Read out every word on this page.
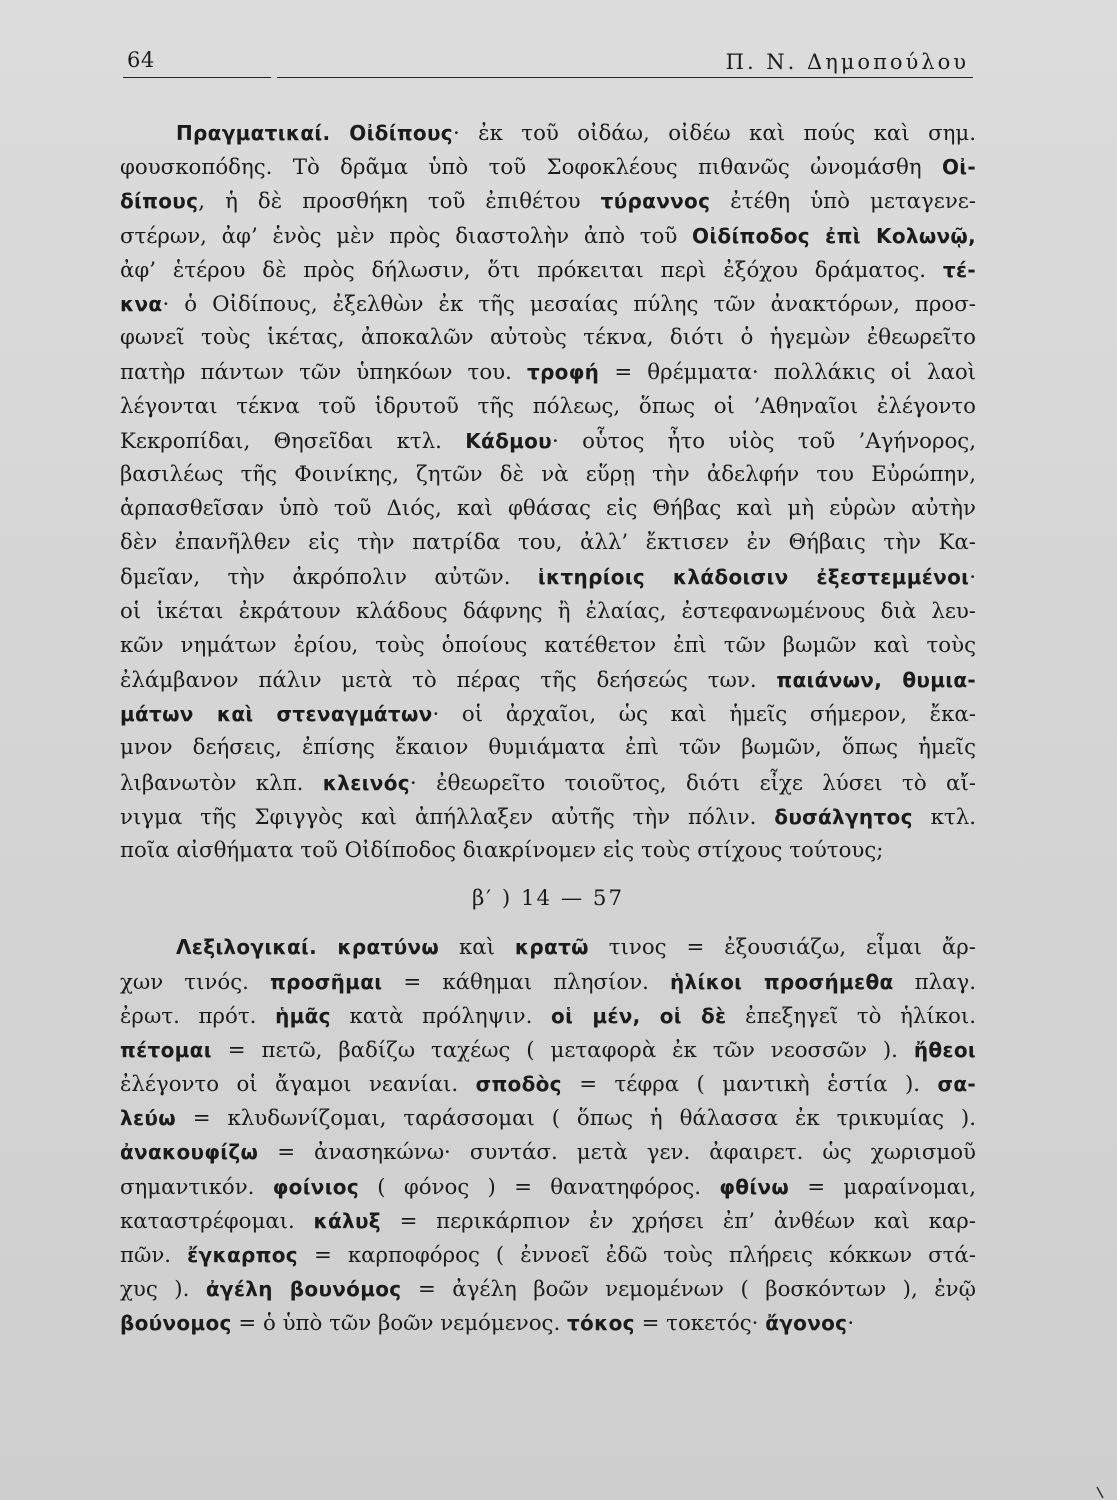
64	Π. Ν. Δημοπούλου
Πραγματικαί. Οἰδίπους· ἐκ τοῦ οἰδάω, οἰδέω καὶ πούς καὶ σημ.
φουσκοπόδης. Τὸ δρᾶμα ὑπὸ τοῦ Σοφοκλέους πιθανῶς ὠνομάσθη Οἰ-
δίπους, ἡ δὲ προσθήκη τοῦ ἐπιθέτου τύραννος ἐτέθη ὑπὸ μεταγενε-
στέρων, ἀφ’ ἑνὸς μὲν πρὸς διαστολὴν ἀπὸ τοῦ Οἰδίποδος ἐπὶ Κολωνῷ,
ἀφ’ ἑτέρου δὲ πρὸς δήλωσιν, ὅτι πρόκειται περὶ ἐξόχου δράματος. τέ-
κνα· ὁ Οἰδίπους, ἐξελθὼν ἐκ τῆς μεσαίας πύλης τῶν ἀνακτόρων, προσ-
φωνεῖ τοὺς ἱκέτας, ἀποκαλῶν αὐτοὺς τέκνα, διότι ὁ ἡγεμὼν ἐθεωρεῖτο
πατὴρ πάντων τῶν ὑπηκόων του. τροφή = θρέμματα· πολλάκις οἱ λαοὶ
λέγονται τέκνα τοῦ ἱδρυτοῦ τῆς πόλεως, ὅπως οἱ ’Αθηναῖοι ἐλέγοντο
Κεκροπίδαι, Θησεῖδαι κτλ. Κάδμου· οὗτος ἦτο υἱὸς τοῦ ’Αγήνορος,
βασιλέως τῆς Φοινίκης, ζητῶν δὲ νὰ εὕρῃ τὴν ἀδελφήν του Εὐρώπην,
ἁρπασθεῖσαν ὑπὸ τοῦ Διός, καὶ φθάσας εἰς Θήβας καὶ μὴ εὑρὼν αὐτὴν
δὲν ἐπανῆλθεν εἰς τὴν πατρίδα του, ἀλλ’ ἔκτισεν ἐν Θήβαις τὴν Κα-
δμεῖαν, τὴν ἀκρόπολιν αὐτῶν. ἱκτηρίοις κλάδοισιν ἐξεστεμμένοι·
οἱ ἱκέται ἐκράτουν κλάδους δάφνης ἢ ἐλαίας, ἐστεφανωμένους διὰ λευ-
κῶν νημάτων ἐρίου, τοὺς ὁποίους κατέθετον ἐπὶ τῶν βωμῶν καὶ τοὺς
ἐλάμβανον πάλιν μετὰ τὸ πέρας τῆς δεήσεώς των. παιάνων, θυμια-
μάτων καὶ στεναγμάτων· οἱ ἀρχαῖοι, ὡς καὶ ἡμεῖς σήμερον, ἔκα-
μνον δεήσεις, ἐπίσης ἔκαιον θυμιάματα ἐπὶ τῶν βωμῶν, ὅπως ἡμεῖς
λιβανωτὸν κλπ. κλεινός· ἐθεωρεῖτο τοιοῦτος, διότι εἶχε λύσει τὸ αἴ-
νιγμα τῆς Σφιγγὸς καὶ ἀπήλλαξεν αὐτῆς τὴν πόλιν. δυσάλγητος κτλ.
ποῖα αἰσθήματα τοῦ Οἰδίποδος διακρίνομεν εἰς τοὺς στίχους τούτους;
β′ ) 14 — 57
Λεξιλογικαί. κρατύνω καὶ κρατῶ τινος = ἐξουσιάζω, εἶμαι ἄρ-
χων τινός. προσῆμαι = κάθημαι πλησίον. ἡλίκοι προσήμεθα πλαγ.
ἐρωτ. πρότ. ἡμᾶς κατὰ πρόληψιν. οἱ μέν, οἱ δὲ ἐπεξηγεῖ τὸ ἡλίκοι.
πέτομαι = πετῶ, βαδίζω ταχέως ( μεταφορὰ ἐκ τῶν νεοσσῶν ). ἤθεοι
ἐλέγοντο οἱ ἄγαμοι νεανίαι. σποδὸς = τέφρα ( μαντικὴ ἑστία ). σα-
λεύω = κλυδωνίζομαι, ταράσσομαι ( ὅπως ἡ θάλασσα ἐκ τρικυμίας ).
ἀνακουφίζω = ἀνασηκώνω· συντάσ. μετὰ γεν. ἀφαιρετ. ὡς χωρισμοῦ
σημαντικόν. φοίνιος ( φόνος ) = θανατηφόρος. φθίνω = μαραίνομαι,
καταστρέφομαι. κάλυξ = περικάρπιον ἐν χρήσει ἐπ’ ἀνθέων καὶ καρ-
πῶν. ἔγκαρπος = καρποφόρος ( ἐννοεῖ ἐδῶ τοὺς πλήρεις κόκκων στά-
χυς ). ἀγέλη βουνόμος = ἀγέλη βοῶν νεμομένων ( βοσκόντων ), ἐνῷ
βούνομος = ὁ ὑπὸ τῶν βοῶν νεμόμενος. τόκος = τοκετός· ἄγονος·
